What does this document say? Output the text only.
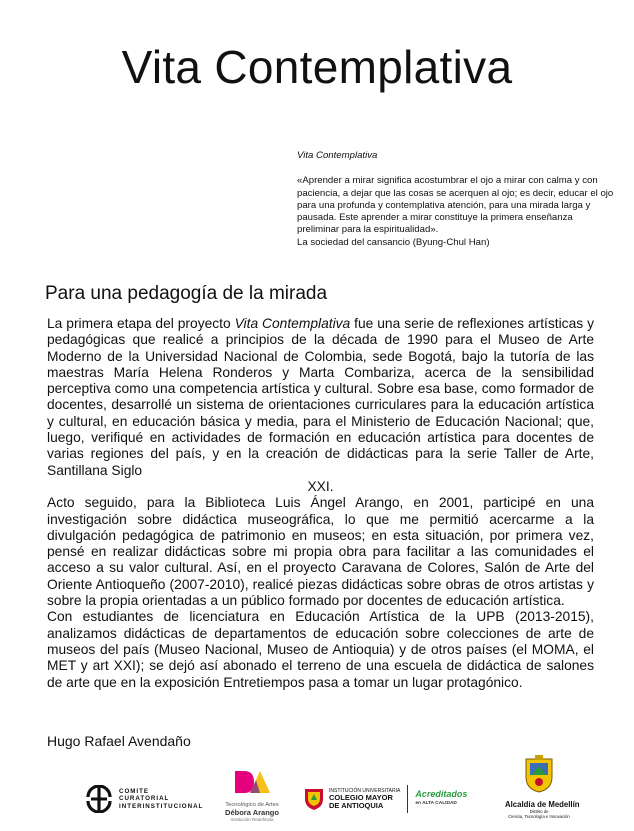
Vita Contemplativa
Vita Contemplativa
«Aprender a mirar significa acostumbrar el ojo a mirar con calma y con paciencia, a dejar que las cosas se acerquen al ojo; es decir, educar el ojo para una profunda y contemplativa atención, para una mirada larga y pausada. Este aprender a mirar constituye la primera enseñanza preliminar para la espiritualidad».
La sociedad del cansancio (Byung-Chul Han)
Para una pedagogía de la mirada

La primera etapa del proyecto Vita Contemplativa fue una serie de reflexiones artísticas y pedagógicas que realicé a principios de la década de 1990 para el Museo de Arte Moderno de la Universidad Nacional de Colombia, sede Bogotá, bajo la tutoría de las maestras María Helena Ronderos y Marta Combariza, acerca de la sensibilidad perceptiva como una competencia artística y cultural. Sobre esa base, como formador de docentes, desarrollé un sistema de orientaciones curriculares para la educación artística y cultural, en educación básica y media, para el Ministerio de Educación Nacional; que, luego, verifiqué en actividades de formación en educación artística para docentes de varias regiones del país, y en la creación de didácticas para la serie Taller de Arte, Santillana Siglo

XXI.

Acto seguido, para la Biblioteca Luis Ángel Arango, en 2001, participé en una investigación sobre didáctica museográfica, lo que me permitió acercarme a la divulgación pedagógica de patrimonio en museos; en esta situación, por primera vez, pensé en realizar didácticas sobre mi propia obra para facilitar a las comunidades el acceso a su valor cultural. Así, en el proyecto Caravana de Colores, Salón de Arte del Oriente Antioqueño (2007-2010), realicé piezas didácticas sobre obras de otros artistas y sobre la propia orientadas a un público formado por docentes de educación artística.

Con estudiantes de licenciatura en Educación Artística de la UPB (2013-2015), analizamos didácticas de departamentos de educación sobre colecciones de arte de museos del país (Museo Nacional, Museo de Antioquia) y de otros países (el MOMA, el MET y art XXI); se dejó así abonado el terreno de una escuela de didáctica de salones de arte que en la exposición Entretiempos pasa a tomar un lugar protagónico.

Hugo Rafael Avendaño
COMITE
CURATORIAL
INTERINSTITUCIONAL	Tecnológico de Artes
Débora Arango
Institución Redefinida
INSTITUCIÓN UNIVERSITARIA
COLEGIO MAYOR
DE ANTIOQUIA
Acreditados
en ALTA CALIDAD	Alcaldía de Medellín
Distrito de
Ciencia, Tecnología e Innovación
